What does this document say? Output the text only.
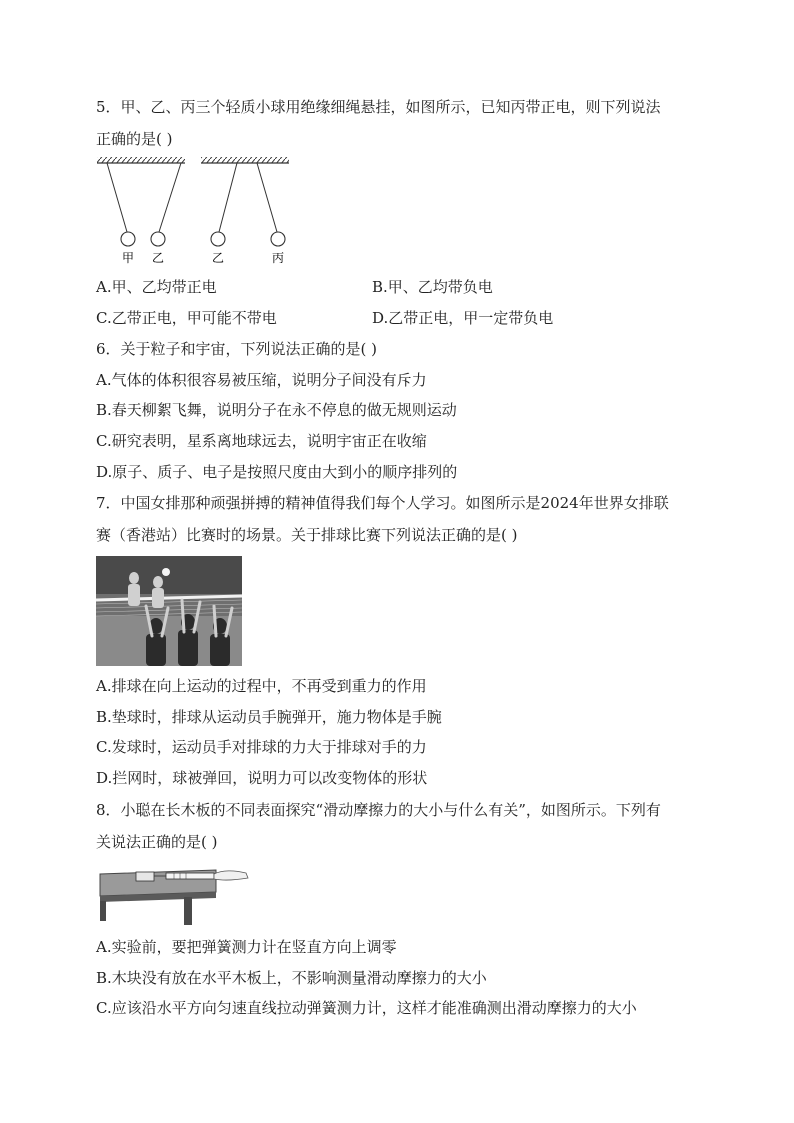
5．甲、乙、丙三个轻质小球用绝缘细绳悬挂，如图所示，已知丙带正电，则下列说法
正确的是( )
甲 乙	乙	丙
A.甲、乙均带正电	B.甲、乙均带负电
C.乙带正电，甲可能不带电	D.乙带正电，甲一定带负电
6．关于粒子和宇宙，下列说法正确的是( )
A.气体的体积很容易被压缩，说明分子间没有斥力
B.春天柳絮飞舞，说明分子在永不停息的做无规则运动
C.研究表明，星系离地球远去，说明宇宙正在收缩
D.原子、质子、电子是按照尺度由大到小的顺序排列的
7．中国女排那种顽强拼搏的精神值得我们每个人学习。如图所示是2024年世界女排联
赛（香港站）比赛时的场景。关于排球比赛下列说法正确的是( )
A.排球在向上运动的过程中，不再受到重力的作用
B.垫球时，排球从运动员手腕弹开，施力物体是手腕
C.发球时，运动员手对排球的力大于排球对手的力
D.拦网时，球被弹回，说明力可以改变物体的形状
8．小聪在长木板的不同表面探究“滑动摩擦力的大小与什么有关”，如图所示。下列有
关说法正确的是( )
A.实验前，要把弹簧测力计在竖直方向上调零
B.木块没有放在水平木板上，不影响测量滑动摩擦力的大小
C.应该沿水平方向匀速直线拉动弹簧测力计，这样才能准确测出滑动摩擦力的大小
